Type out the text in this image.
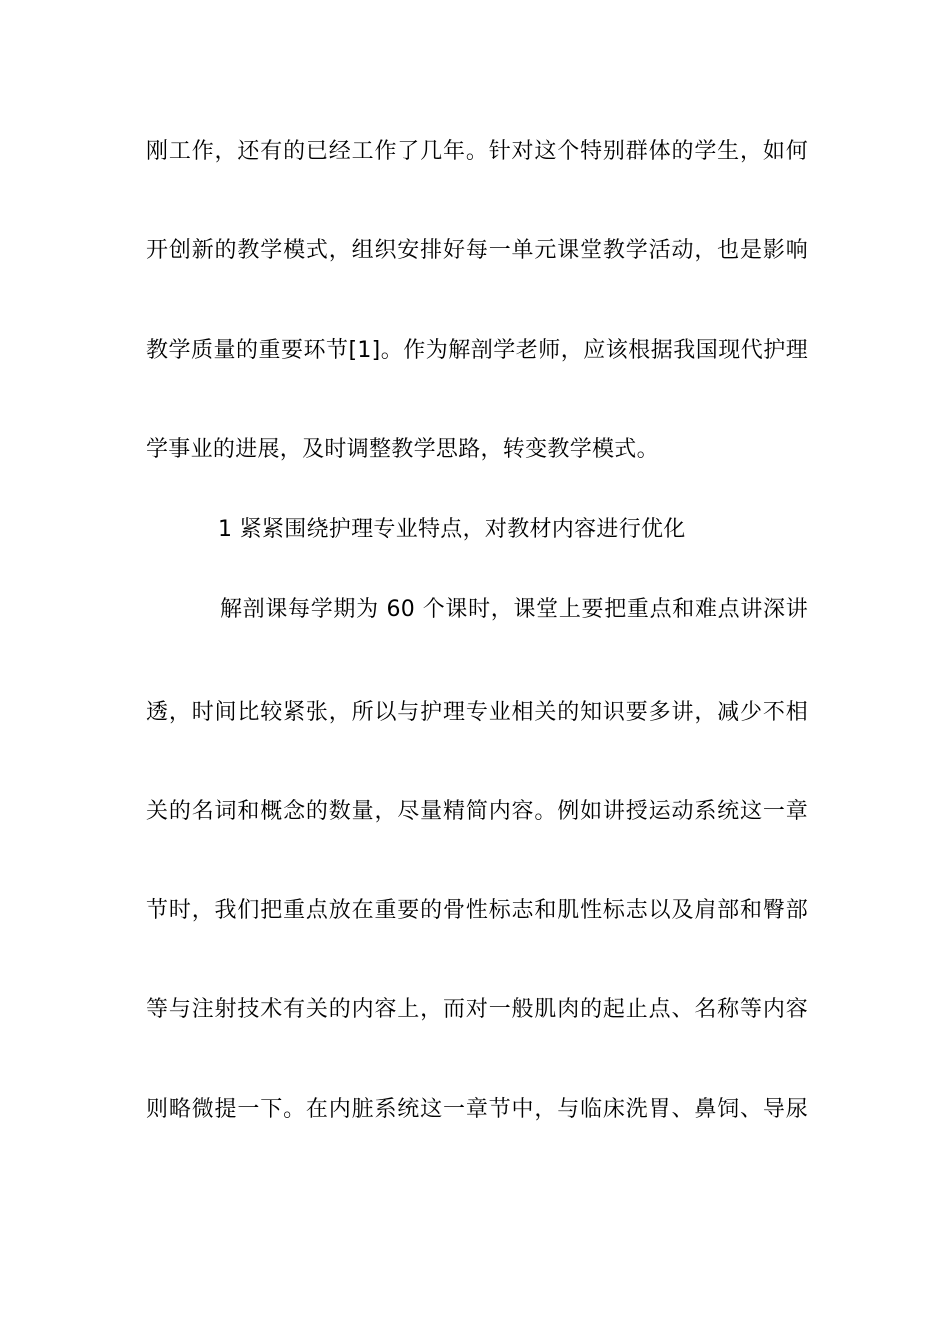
刚工作，还有的已经工作了几年。针对这个特别群体的学生，如何
开创新的教学模式，组织安排好每一单元课堂教学活动，也是影响
教学质量的重要环节[1]。作为解剖学老师，应该根据我国现代护理
学事业的进展，及时调整教学思路，转变教学模式。
1 紧紧围绕护理专业特点，对教材内容进行优化
解剖课每学期为 60 个课时，课堂上要把重点和难点讲深讲
透，时间比较紧张，所以与护理专业相关的知识要多讲，减少不相
关的名词和概念的数量，尽量精简内容。例如讲授运动系统这一章
节时，我们把重点放在重要的骨性标志和肌性标志以及肩部和臀部
等与注射技术有关的内容上，而对一般肌肉的起止点、名称等内容
则略微提一下。在内脏系统这一章节中，与临床洗胃、鼻饲、导尿
